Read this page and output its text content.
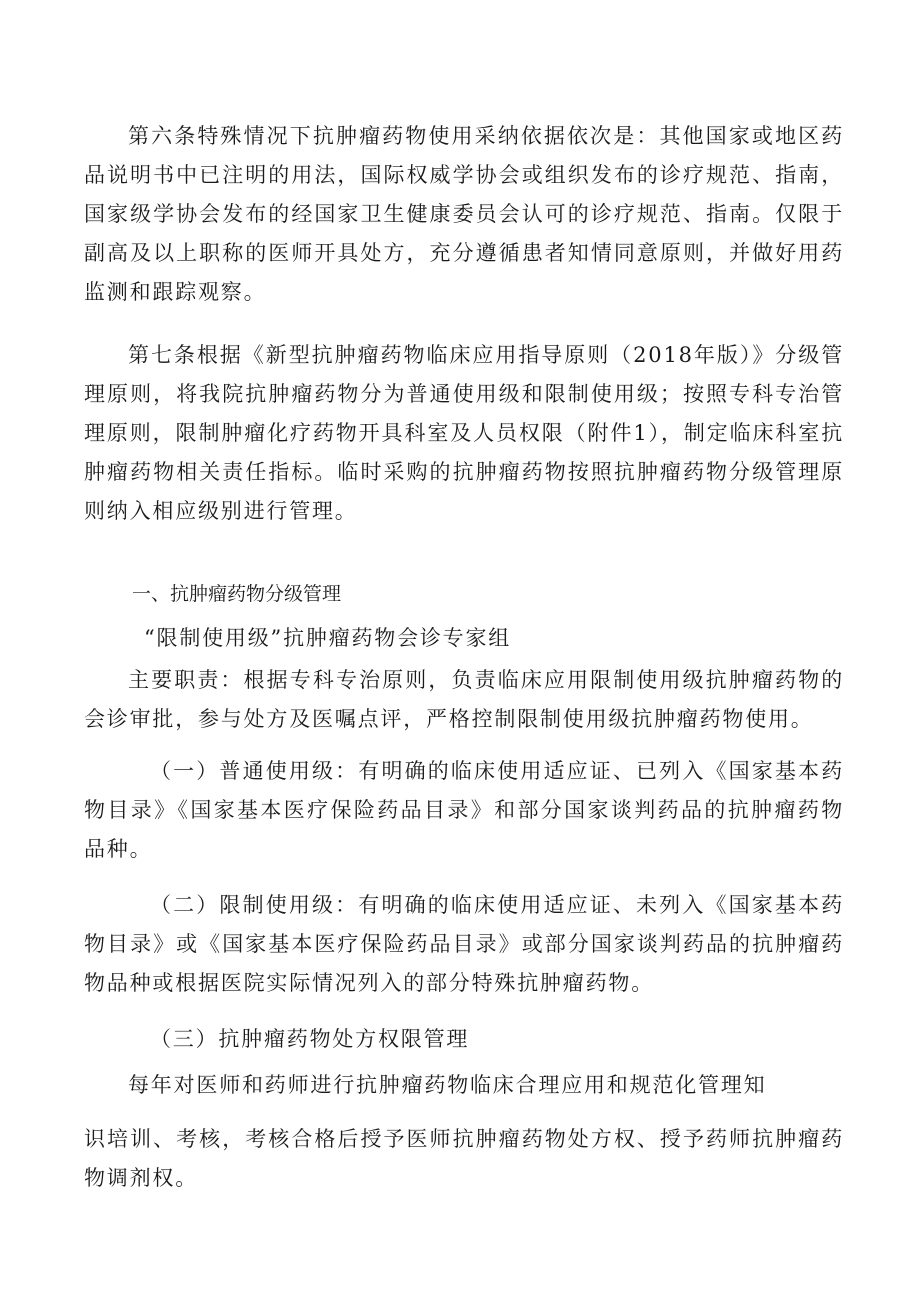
第六条特殊情况下抗肿瘤药物使用采纳依据依次是：其他国家或地区药品说明书中已注明的用法，国际权威学协会或组织发布的诊疗规范、指南，国家级学协会发布的经国家卫生健康委员会认可的诊疗规范、指南。仅限于副高及以上职称的医师开具处方，充分遵循患者知情同意原则，并做好用药监测和跟踪观察。

第七条根据《新型抗肿瘤药物临床应用指导原则（2018年版）》分级管理原则，将我院抗肿瘤药物分为普通使用级和限制使用级；按照专科专治管理原则，限制肿瘤化疗药物开具科室及人员权限（附件1），制定临床科室抗肿瘤药物相关责任指标。临时采购的抗肿瘤药物按照抗肿瘤药物分级管理原则纳入相应级别进行管理。

一、抗肿瘤药物分级管理

“限制使用级”抗肿瘤药物会诊专家组

主要职责：根据专科专治原则，负责临床应用限制使用级抗肿瘤药物的会诊审批，参与处方及医嘱点评，严格控制限制使用级抗肿瘤药物使用。

（一）普通使用级：有明确的临床使用适应证、已列入《国家基本药物目录》《国家基本医疗保险药品目录》和部分国家谈判药品的抗肿瘤药物品种。

（二）限制使用级：有明确的临床使用适应证、未列入《国家基本药物目录》或《国家基本医疗保险药品目录》或部分国家谈判药品的抗肿瘤药物品种或根据医院实际情况列入的部分特殊抗肿瘤药物。

（三）抗肿瘤药物处方权限管理

每年对医师和药师进行抗肿瘤药物临床合理应用和规范化管理知

识培训、考核，考核合格后授予医师抗肿瘤药物处方权、授予药师抗肿瘤药物调剂权。
